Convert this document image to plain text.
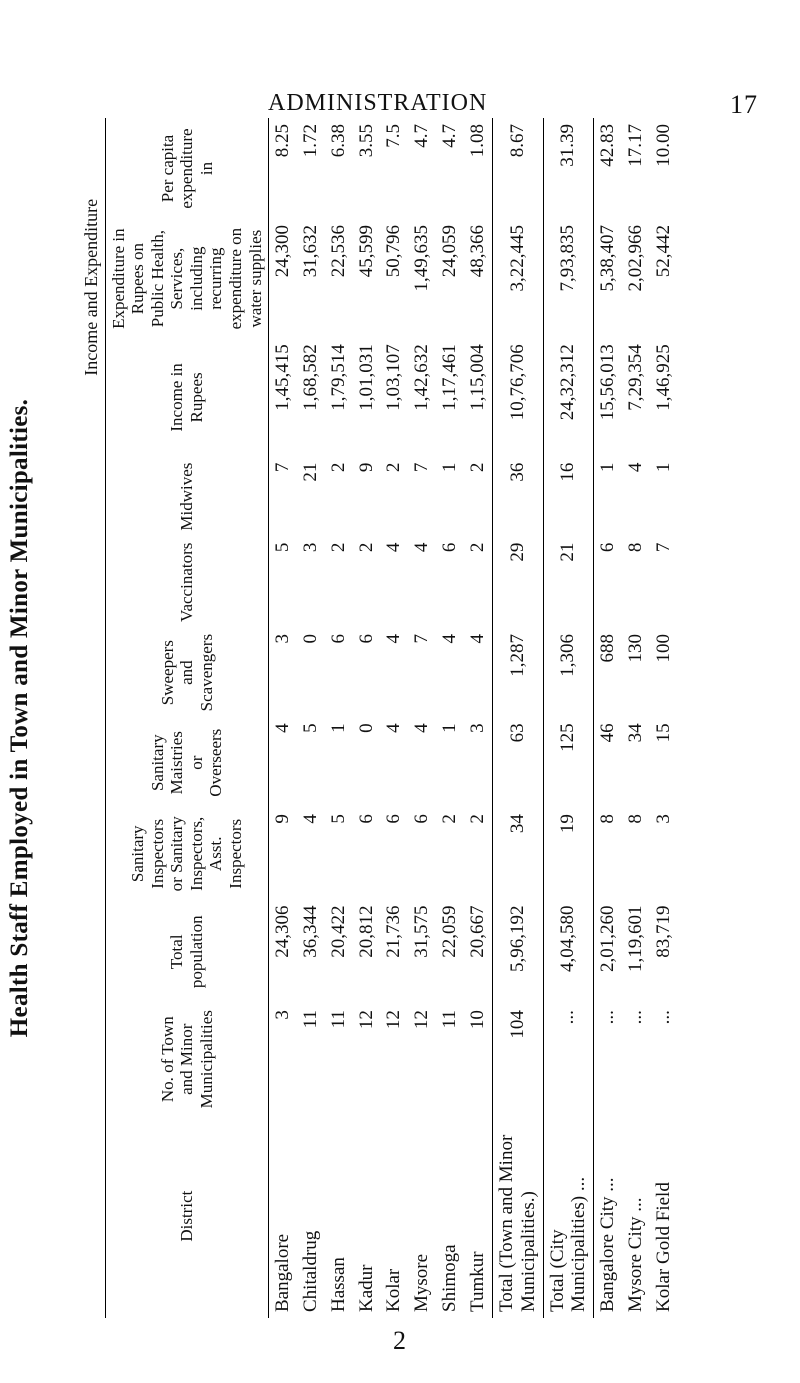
ADMINISTRATION	17
2
Health Staff Employed in Town and Minor Municipalities.
								Income and Expenditure		
District	No. of Town and Minor Municipalities	Total population	Sanitary Inspectors or Sanitary Inspectors, Asst. Inspectors	Sanitary Maistries or Overseers	Sweepers and Scavengers	Vaccinators	Midwives	Income in Rupees	Expenditure in Rupees on Public Health, Services, including recurring expenditure on water supplies	Per capita expenditure in
Bangalore	3	24,306	9	4	3	5	7	1,45,415	24,300	8.25
Chitaldrug	11	36,344	4	5	0	3	21	1,68,582	31,632	1.72
Hassan	11	20,422	5	1	6	2	2	1,79,514	22,536	6.38
Kadur	12	20,812	6	0	6	2	9	1,01,031	45,599	3.55
Kolar	12	21,736	6	4	4	4	2	1,03,107	50,796	7.5
Mysore	12	31,575	6	4	7	4	7	1,42,632	1,49,635	4.7
Shimoga	11	22,059	2	1	4	6	1	1,17,461	24,059	4.7
Tumkur	10	20,667	2	3	4	2	2	1,15,004	48,366	1.08
Total (Town and Minor Municipalities.)	104	5,96,192	34	63	1,287	29	36	10,76,706	3,22,445	8.67
Total (City Municipalities) ...	...	4,04,580	19	125	1,306	21	16	24,32,312	7,93,835	31.39
Bangalore City ...	...	2,01,260	8	46	688	6	1	15,56,013	5,38,407	42.83
Mysore City ...	...	1,19,601	8	34	130	8	4	7,29,354	2,02,966	17.17
Kolar Gold Field	...	83,719	3	15	100	7	1	1,46,925	52,442	10.00
